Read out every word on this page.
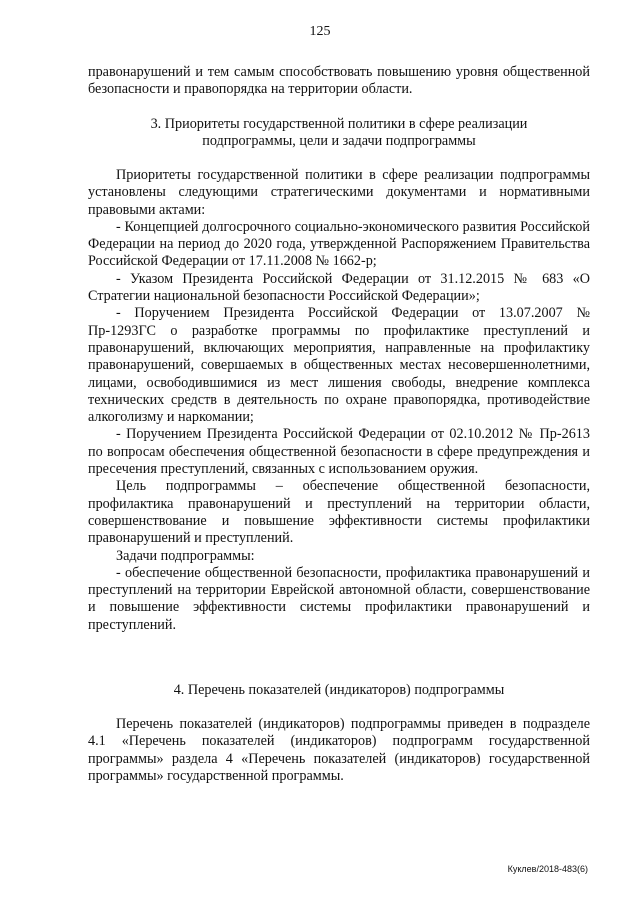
125

правонарушений и тем самым способствовать повышению уровня общественной безопасности и правопорядка на территории области.

3. Приоритеты государственной политики в сфере реализации
подпрограммы, цели и задачи подпрограммы

Приоритеты государственной политики в сфере реализации подпрограммы установлены следующими стратегическими документами и нормативными правовыми актами:

- Концепцией долгосрочного социально-экономического развития Российской Федерации на период до 2020 года, утвержденной Распоряжением Правительства Российской Федерации от 17.11.2008 № 1662-р;

- Указом Президента Российской Федерации от 31.12.2015 № 683 «О Стратегии национальной безопасности Российской Федерации»;

- Поручением Президента Российской Федерации от 13.07.2007 № Пр-1293ГС о разработке программы по профилактике преступлений и правонарушений, включающих мероприятия, направленные на профилактику правонарушений, совершаемых в общественных местах несовершеннолетними, лицами, освободившимися из мест лишения свободы, внедрение комплекса технических средств в деятельность по охране правопорядка, противодействие алкоголизму и наркомании;

- Поручением Президента Российской Федерации от 02.10.2012 № Пр-2613 по вопросам обеспечения общественной безопасности в сфере предупреждения и пресечения преступлений, связанных с использованием оружия.

Цель подпрограммы – обеспечение общественной безопасности, профилактика правонарушений и преступлений на территории области, совершенствование и повышение эффективности системы профилактики правонарушений и преступлений.

Задачи подпрограммы:

- обеспечение общественной безопасности, профилактика правонарушений и преступлений на территории Еврейской автономной области, совершенствование и повышение эффективности системы профилактики правонарушений и преступлений.

4. Перечень показателей (индикаторов) подпрограммы

Перечень показателей (индикаторов) подпрограммы приведен в подразделе 4.1 «Перечень показателей (индикаторов) подпрограмм государственной программы» раздела 4 «Перечень показателей (индикаторов) государственной программы» государственной программы.

Куклев/2018-483(6)
